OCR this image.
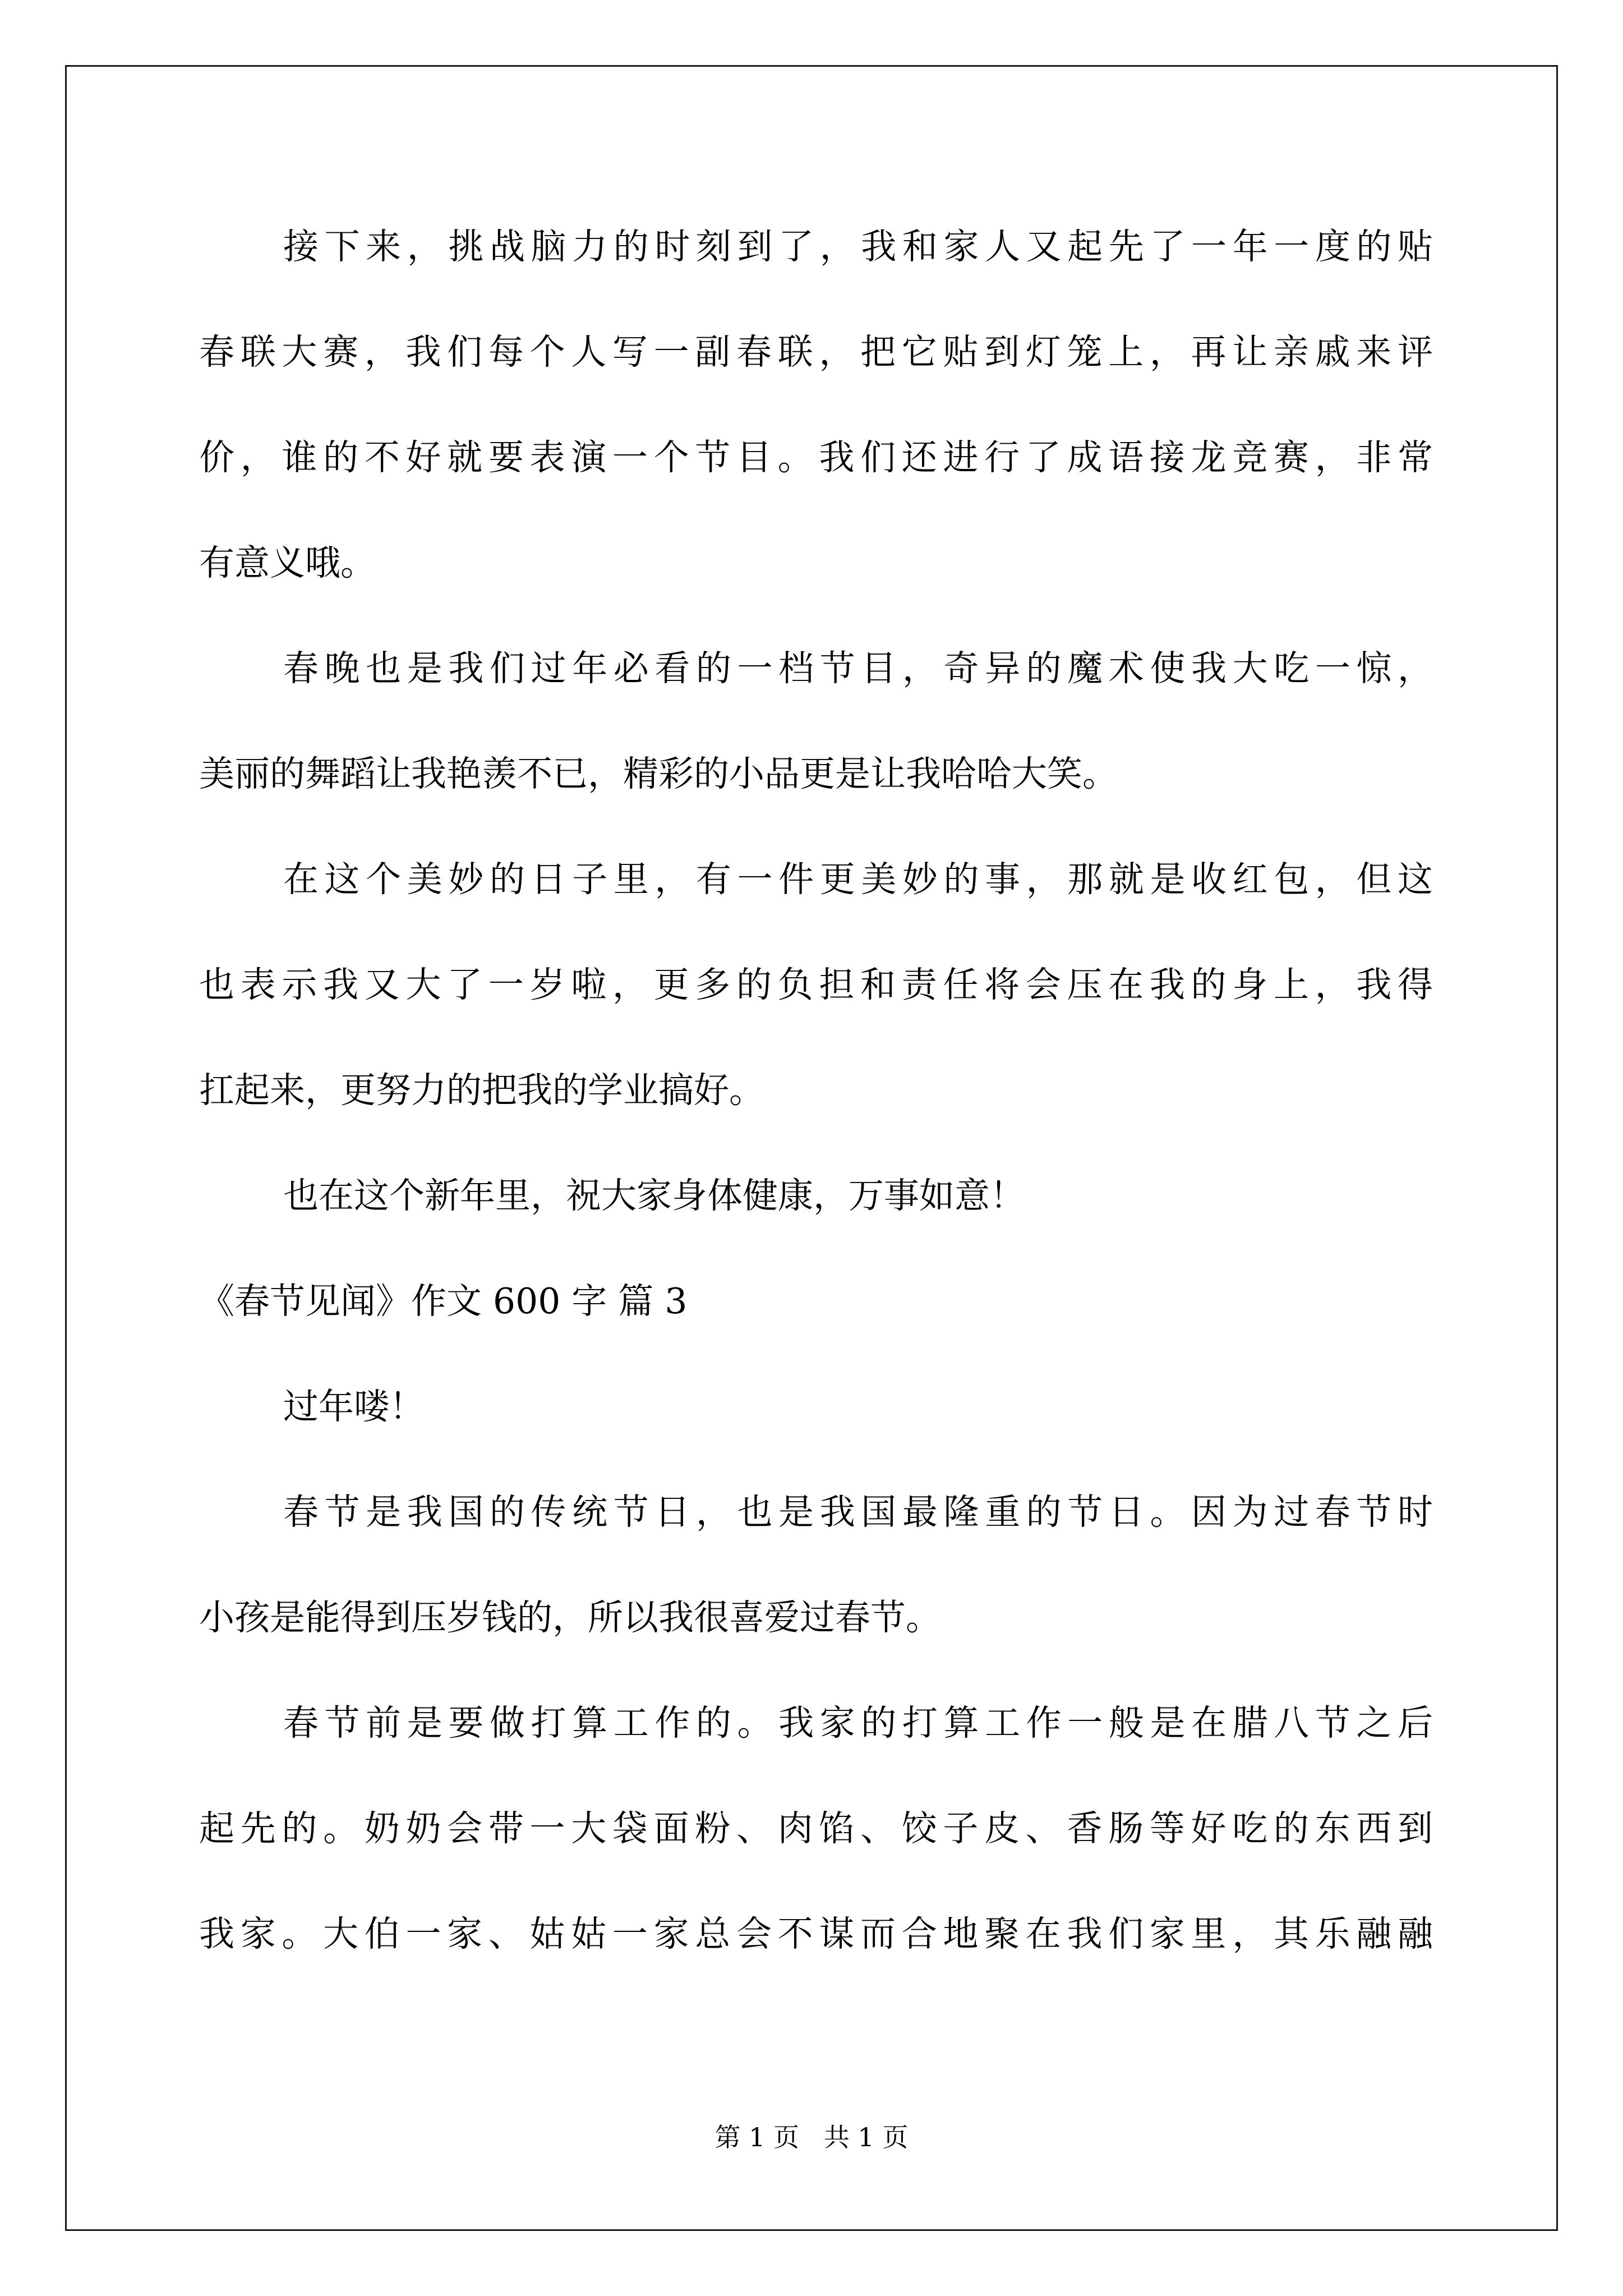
接下来，挑战脑力的时刻到了，我和家人又起先了一年一度的贴

春联大赛，我们每个人写一副春联，把它贴到灯笼上，再让亲戚来评

价，谁的不好就要表演一个节目。我们还进行了成语接龙竞赛，非常

有意义哦。

春晚也是我们过年必看的一档节目，奇异的魔术使我大吃一惊，

美丽的舞蹈让我艳羡不已，精彩的小品更是让我哈哈大笑。

在这个美妙的日子里，有一件更美妙的事，那就是收红包，但这

也表示我又大了一岁啦，更多的负担和责任将会压在我的身上，我得

扛起来，更努力的把我的学业搞好。

也在这个新年里，祝大家身体健康，万事如意！

《春节见闻》作文 600 字 篇 3

过年喽！

春节是我国的传统节日，也是我国最隆重的节日。因为过春节时

小孩是能得到压岁钱的，所以我很喜爱过春节。

春节前是要做打算工作的。我家的打算工作一般是在腊八节之后

起先的。奶奶会带一大袋面粉、肉馅、饺子皮、香肠等好吃的东西到

我家。大伯一家、姑姑一家总会不谋而合地聚在我们家里，其乐融融

第 1 页   共 1 页
